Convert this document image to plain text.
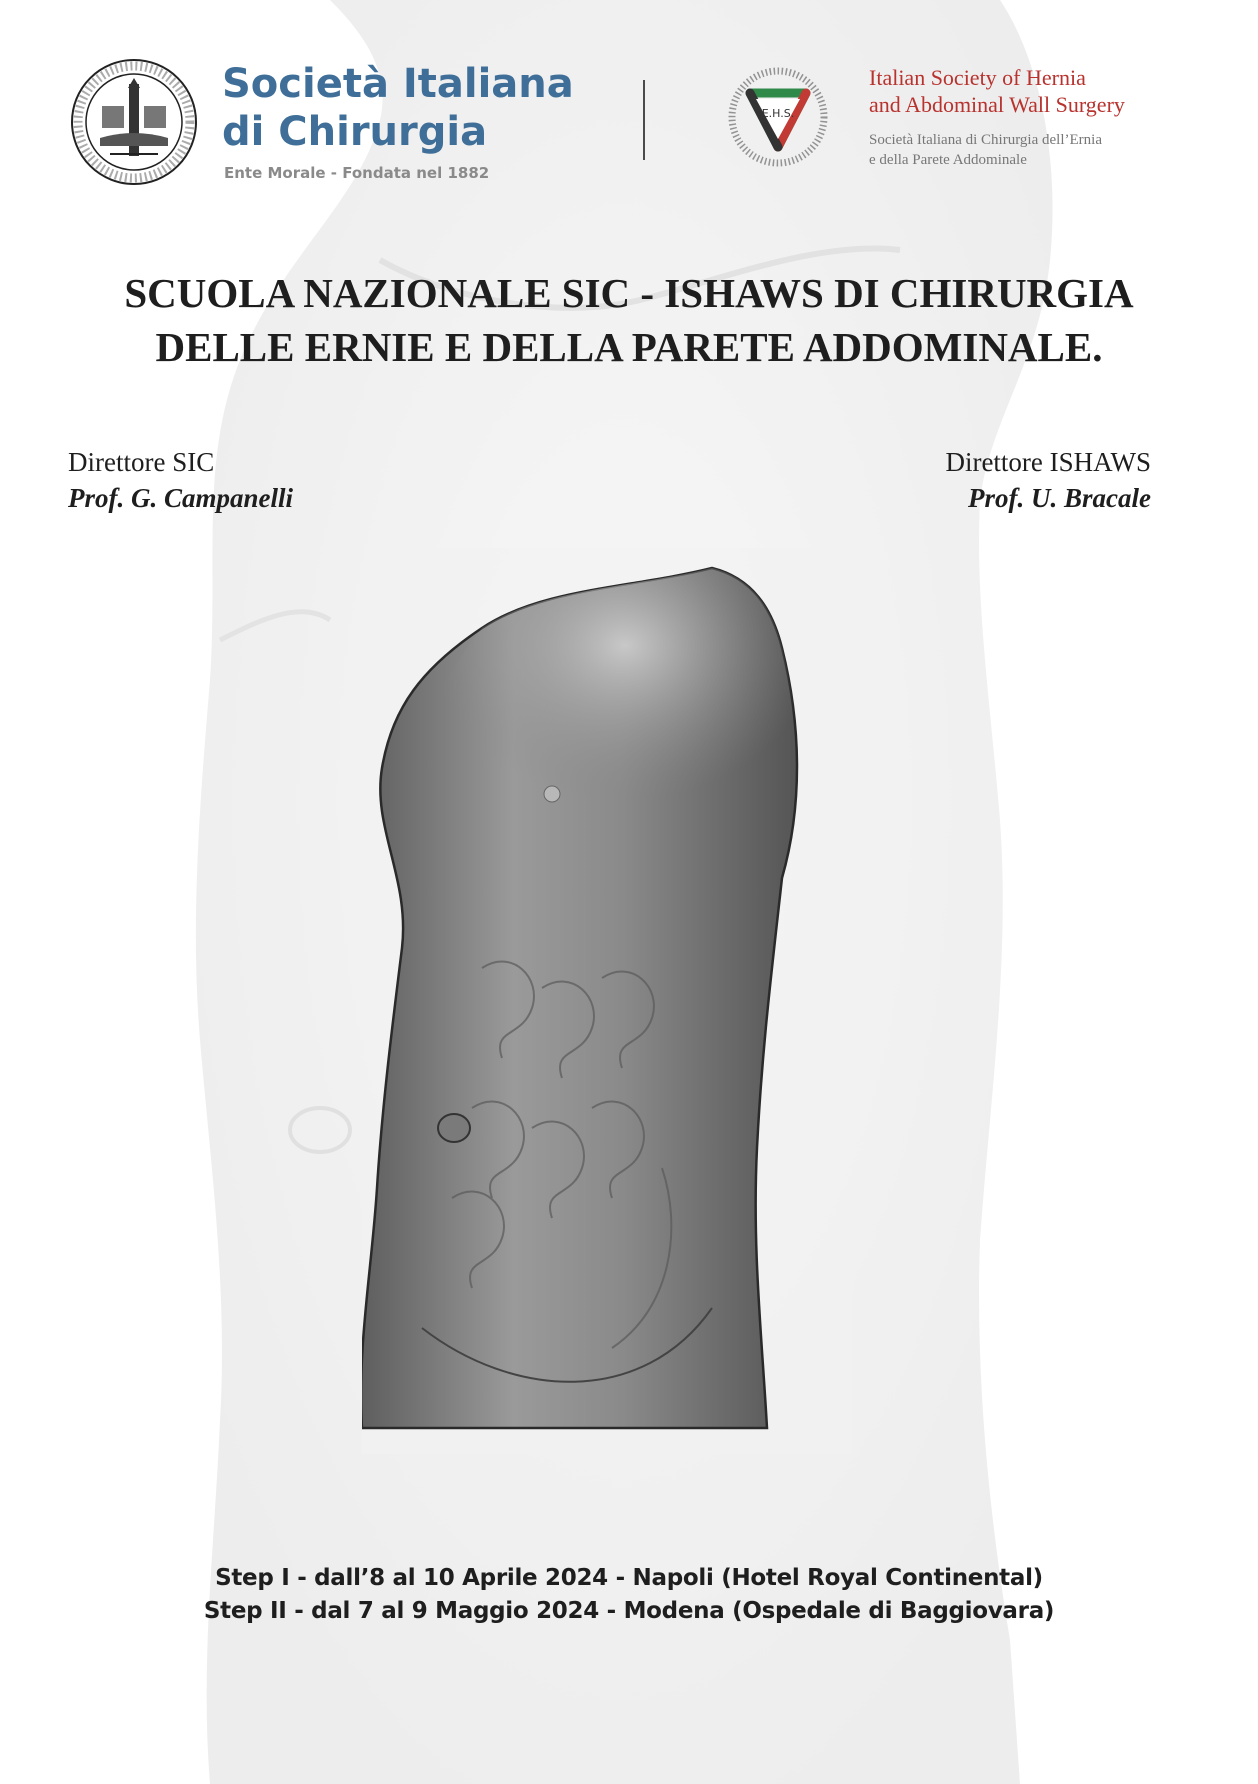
Società Italiana
di Chirurgia
Ente Morale - Fondata nel 1882
E.H.S.
Italian Society of Hernia
and Abdominal Wall Surgery
Società Italiana di Chirurgia dell’Ernia
e della Parete Addominale
SCUOLA NAZIONALE SIC - ISHAWS DI CHIRURGIA
DELLE ERNIE E DELLA PARETE ADDOMINALE.
Direttore SIC
Prof. G. Campanelli
Direttore ISHAWS
Prof. U. Bracale
Step I - dall’8 al 10 Aprile 2024 - Napoli (Hotel Royal Continental)
Step II - dal 7 al 9 Maggio 2024 - Modena (Ospedale di Baggiovara)
